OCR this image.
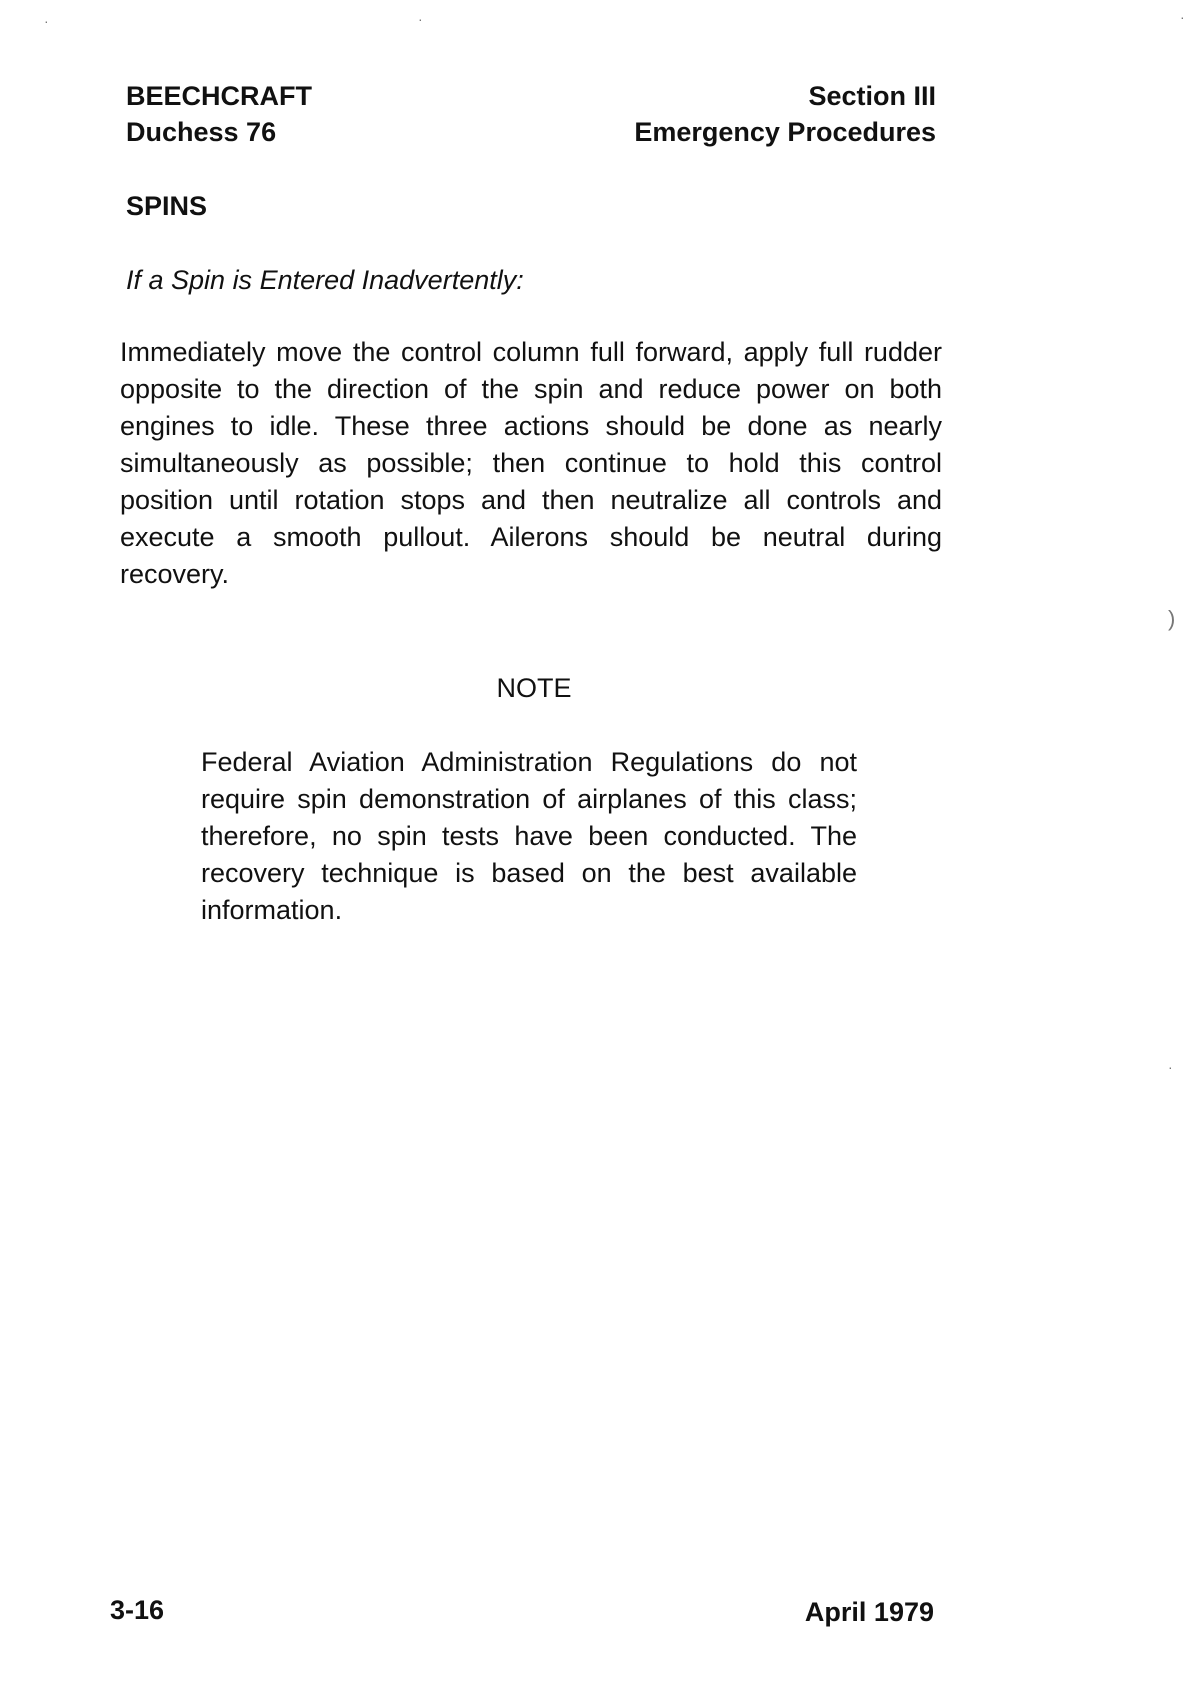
BEECHCRAFT
Duchess 76
Section III
Emergency Procedures
SPINS
If a Spin is Entered Inadvertently:

Immediately move the control column full forward, apply full rudder opposite to the direction of the spin and reduce power on both engines to idle. These three actions should be done as nearly simultaneously as possible; then continue to hold this control position until rotation stops and then neutralize all controls and execute a smooth pullout. Ailerons should be neutral during recovery.

NOTE

Federal Aviation Administration Regulations do not require spin demonstration of airplanes of this class; therefore, no spin tests have been conducted. The recovery technique is based on the best available information.

3-16	April 1979
)
·	·	·
·
